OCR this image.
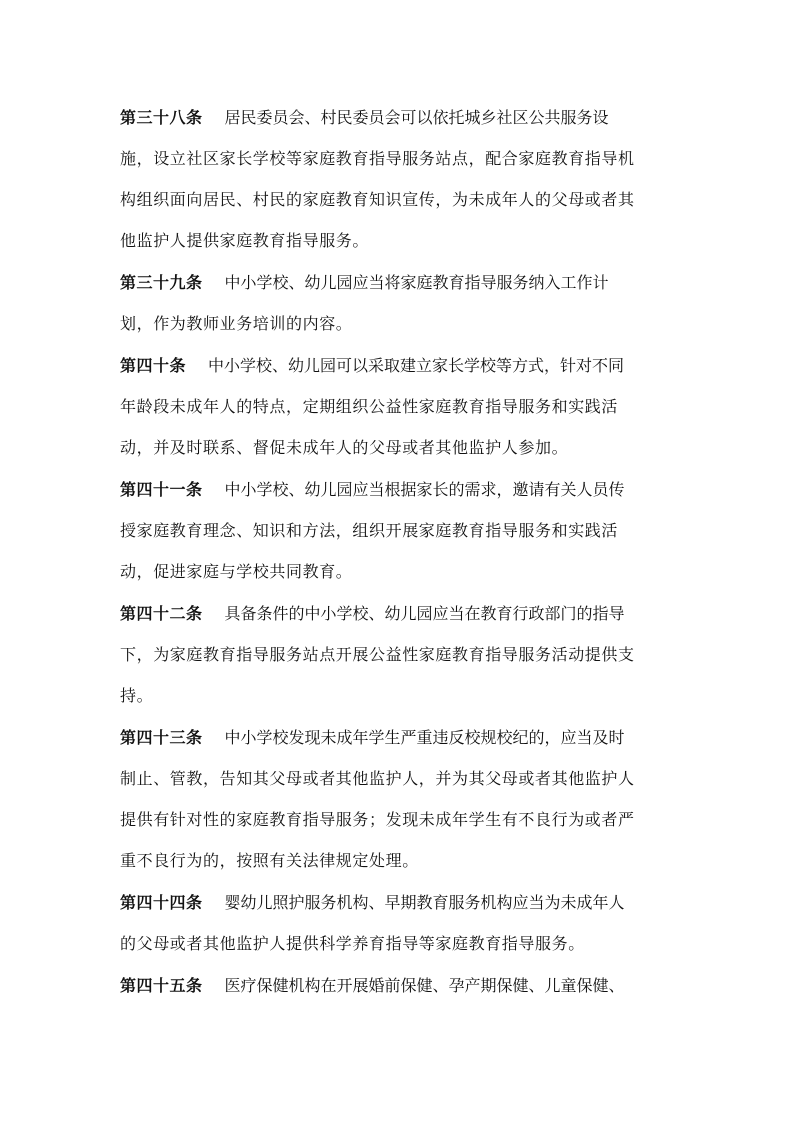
第三十八条 居民委员会、村民委员会可以依托城乡社区公共服务设
施，设立社区家长学校等家庭教育指导服务站点，配合家庭教育指导机
构组织面向居民、村民的家庭教育知识宣传，为未成年人的父母或者其
他监护人提供家庭教育指导服务。
第三十九条 中小学校、幼儿园应当将家庭教育指导服务纳入工作计
划，作为教师业务培训的内容。
第四十条 中小学校、幼儿园可以采取建立家长学校等方式，针对不同
年龄段未成年人的特点，定期组织公益性家庭教育指导服务和实践活
动，并及时联系、督促未成年人的父母或者其他监护人参加。
第四十一条 中小学校、幼儿园应当根据家长的需求，邀请有关人员传
授家庭教育理念、知识和方法，组织开展家庭教育指导服务和实践活
动，促进家庭与学校共同教育。
第四十二条 具备条件的中小学校、幼儿园应当在教育行政部门的指导
下，为家庭教育指导服务站点开展公益性家庭教育指导服务活动提供支
持。
第四十三条 中小学校发现未成年学生严重违反校规校纪的，应当及时
制止、管教，告知其父母或者其他监护人，并为其父母或者其他监护人
提供有针对性的家庭教育指导服务；发现未成年学生有不良行为或者严
重不良行为的，按照有关法律规定处理。
第四十四条 婴幼儿照护服务机构、早期教育服务机构应当为未成年人
的父母或者其他监护人提供科学养育指导等家庭教育指导服务。
第四十五条 医疗保健机构在开展婚前保健、孕产期保健、儿童保健、
